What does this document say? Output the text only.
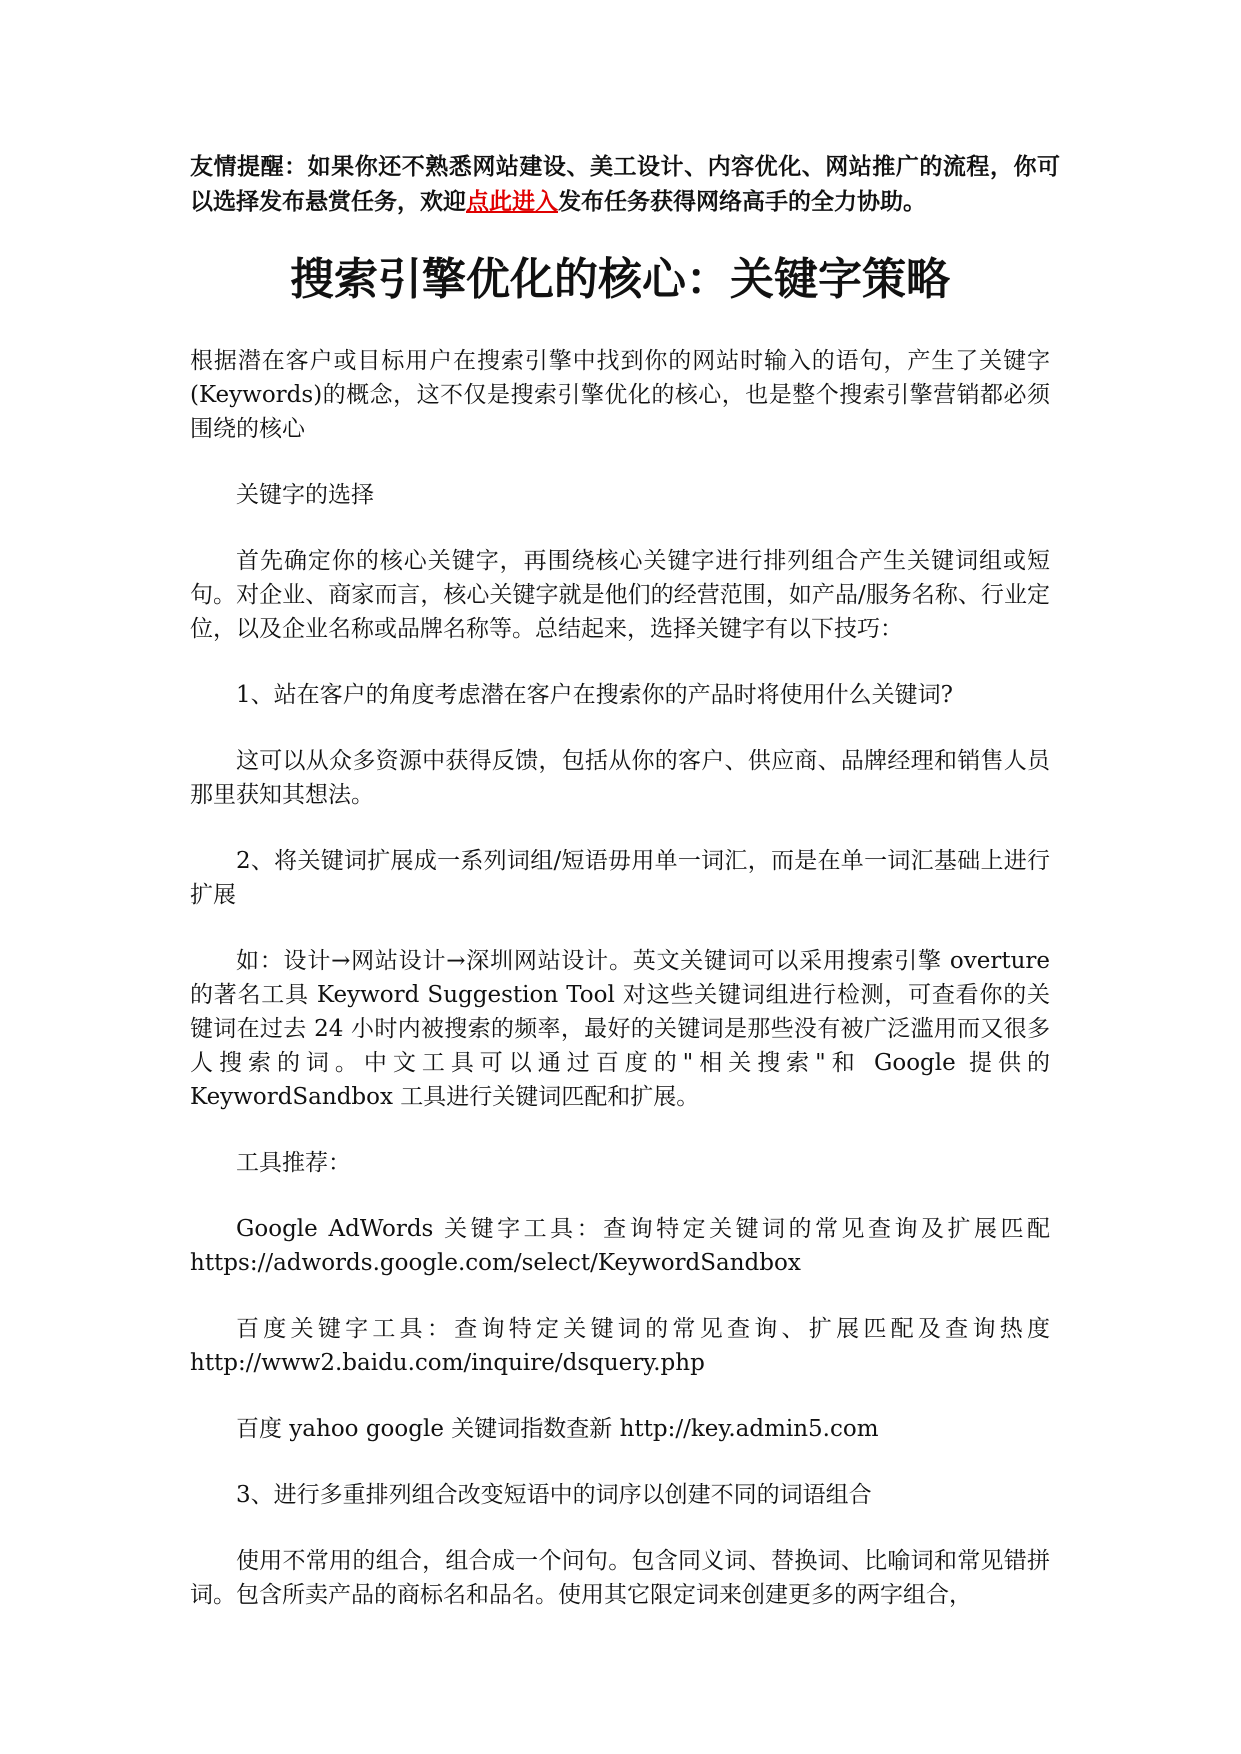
友情提醒：如果你还不熟悉网站建设、美工设计、内容优化、网站推广的流程，你可以选择发布悬赏任务，欢迎点此进入发布任务获得网络高手的全力协助。
搜索引擎优化的核心：关键字策略

根据潜在客户或目标用户在搜索引擎中找到你的网站时输入的语句，产生了关键字 (Keywords)的概念，这不仅是搜索引擎优化的核心，也是整个搜索引擎营销都必须围绕的核心

关键字的选择

首先确定你的核心关键字，再围绕核心关键字进行排列组合产生关键词组或短句。对企业、商家而言，核心关键字就是他们的经营范围，如产品/服务名称、行业定位，以及企业名称或品牌名称等。总结起来，选择关键字有以下技巧：

1、站在客户的角度考虑潜在客户在搜索你的产品时将使用什么关键词?

这可以从众多资源中获得反馈，包括从你的客户、供应商、品牌经理和销售人员那里获知其想法。

2、将关键词扩展成一系列词组/短语毋用单一词汇，而是在单一词汇基础上进行扩展

如：设计→网站设计→深圳网站设计。英文关键词可以采用搜索引擎 overture 的著名工具 Keyword Suggestion Tool 对这些关键词组进行检测，可查看你的关键词在过去 24 小时内被搜索的频率，最好的关键词是那些没有被广泛滥用而又很多人搜索的词。中文工具可以通过百度的"相关搜索"和 Google 提供的 KeywordSandbox 工具进行关键词匹配和扩展。

工具推荐：

Google AdWords 关键字工具：查询特定关键词的常见查询及扩展匹配 https://adwords.google.com/select/KeywordSandbox

百度关键字工具：查询特定关键词的常见查询、扩展匹配及查询热度 http://www2.baidu.com/inquire/dsquery.php

百度 yahoo google 关键词指数查新 http://key.admin5.com

3、进行多重排列组合改变短语中的词序以创建不同的词语组合

使用不常用的组合，组合成一个问句。包含同义词、替换词、比喻词和常见错拼词。包含所卖产品的商标名和品名。使用其它限定词来创建更多的两字组合，
